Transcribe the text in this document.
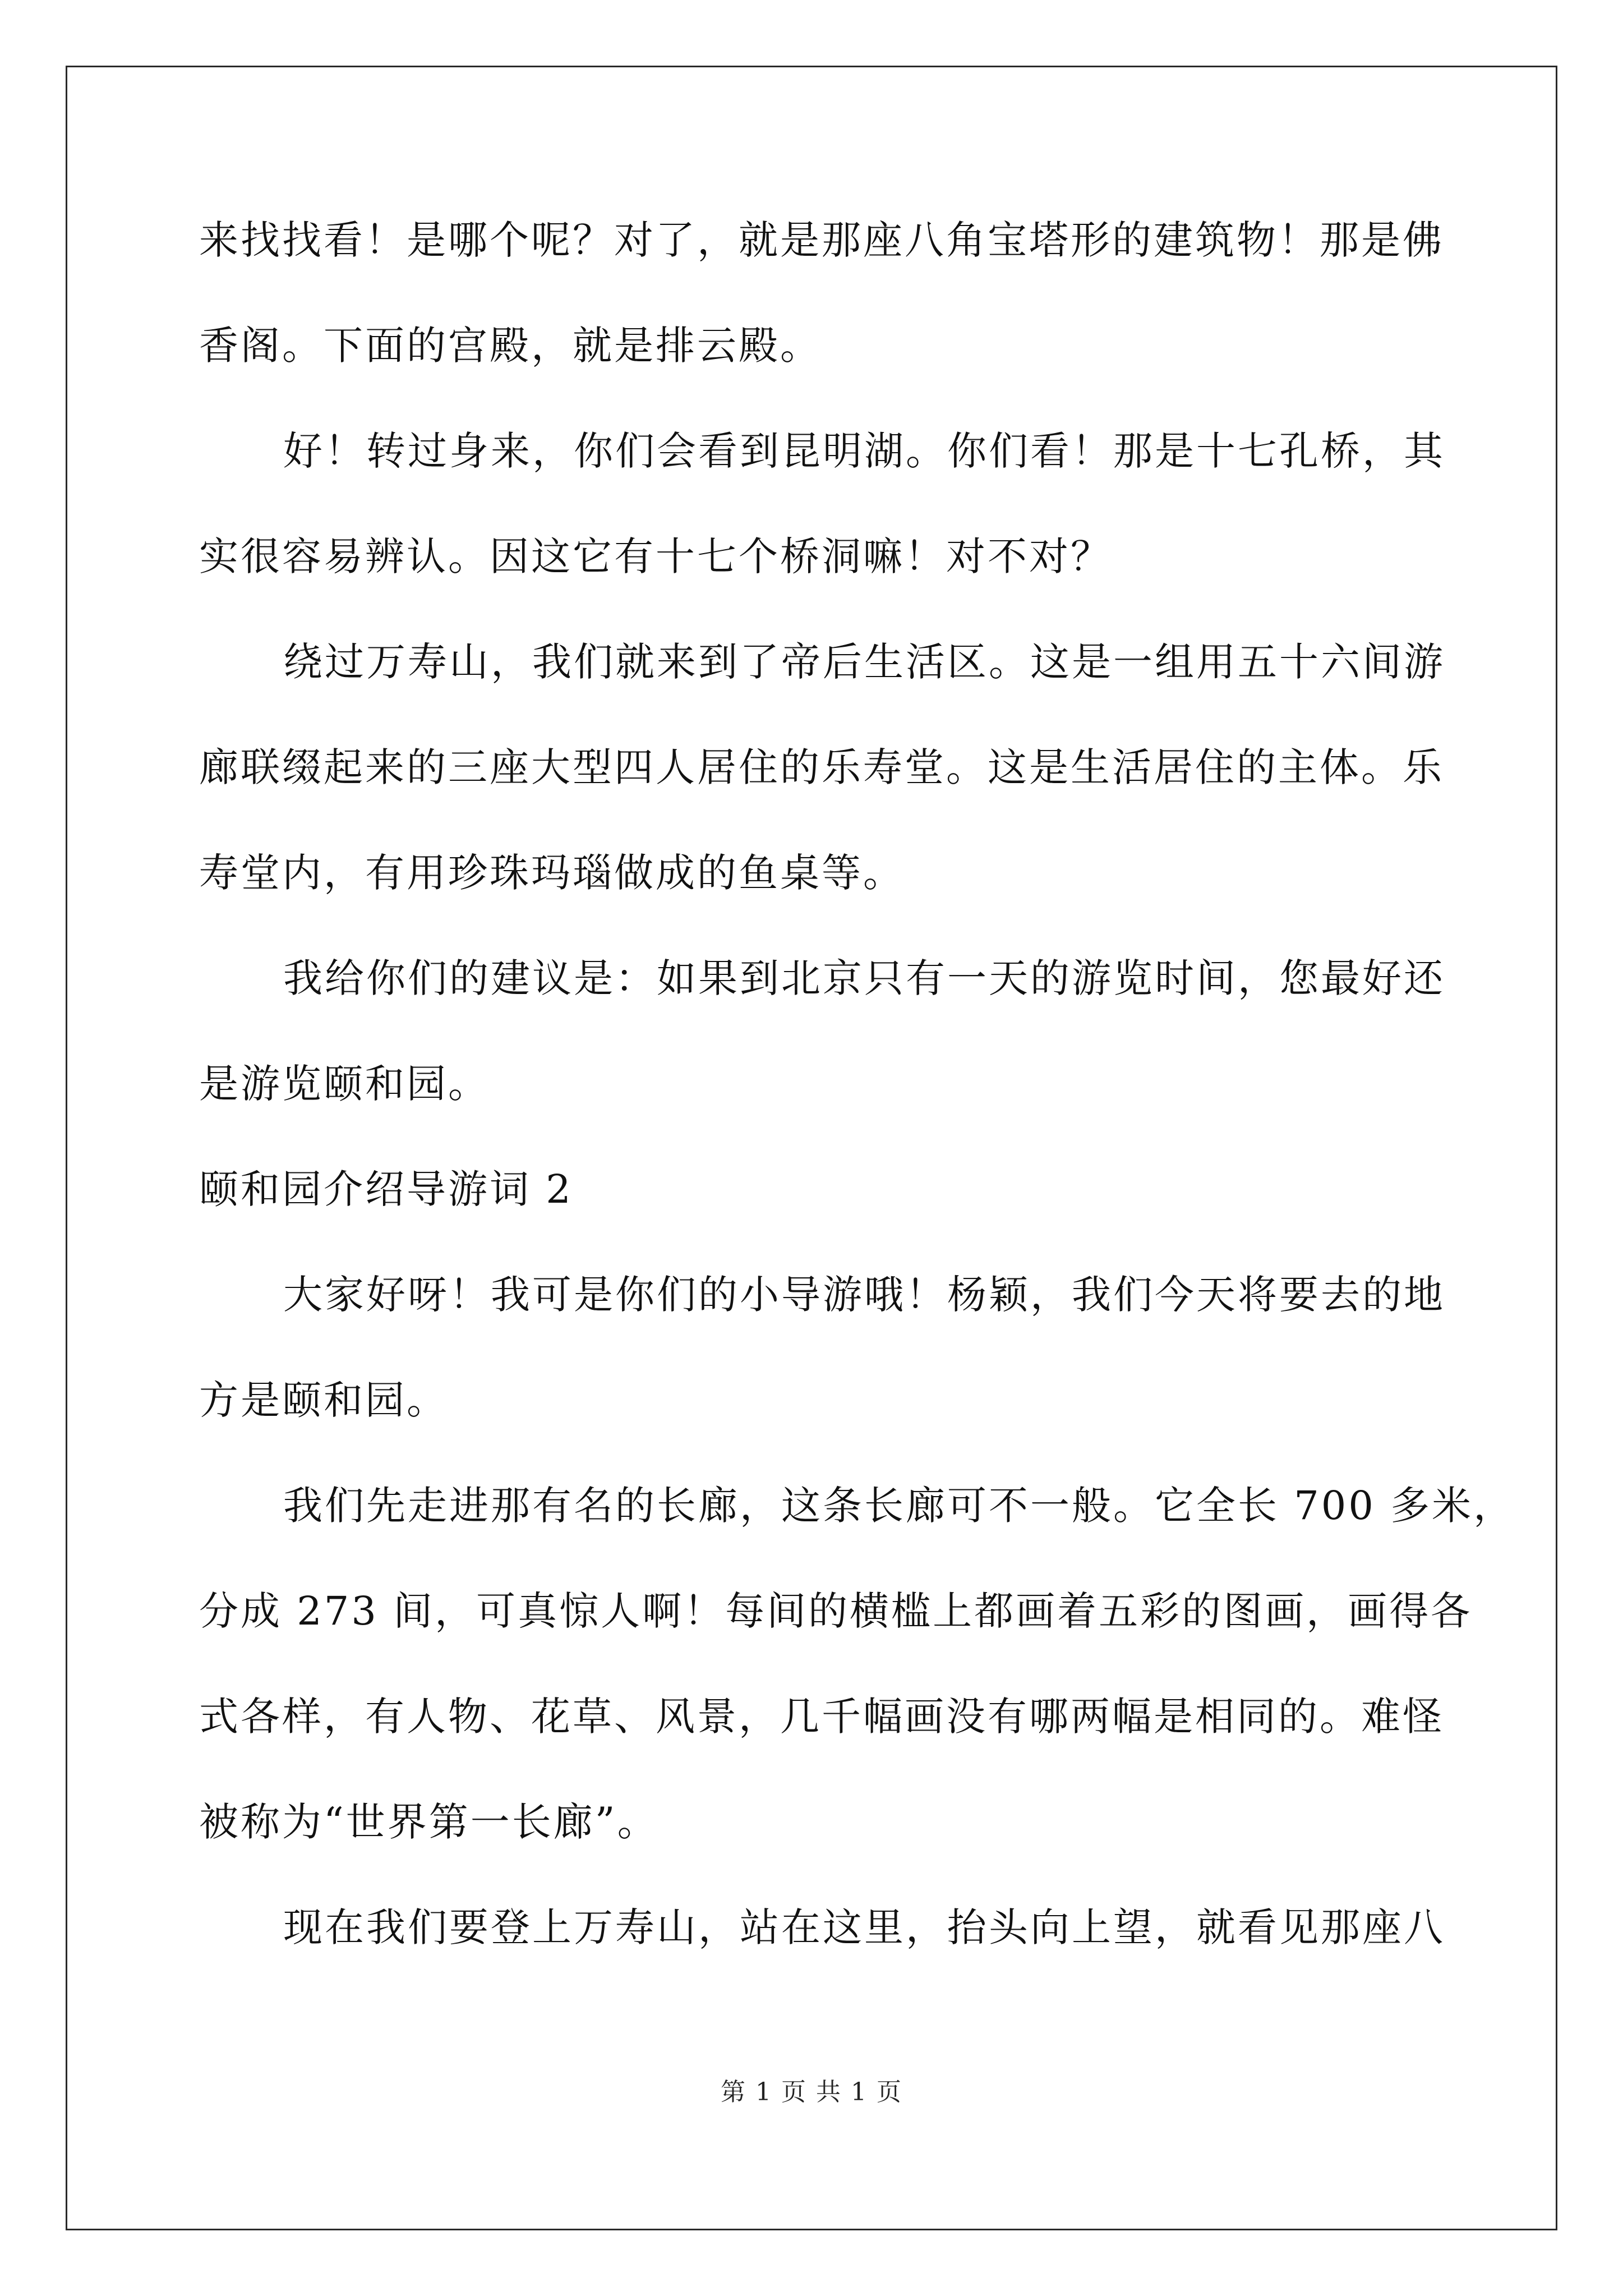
来找找看！是哪个呢？对了，就是那座八角宝塔形的建筑物！那是佛
香阁。下面的宫殿，就是排云殿。
好！转过身来，你们会看到昆明湖。你们看！那是十七孔桥，其
实很容易辨认。因这它有十七个桥洞嘛！对不对？
绕过万寿山，我们就来到了帝后生活区。这是一组用五十六间游
廊联缀起来的三座大型四人居住的乐寿堂。这是生活居住的主体。乐
寿堂内，有用珍珠玛瑙做成的鱼桌等。
我给你们的建议是：如果到北京只有一天的游览时间，您最好还
是游览颐和园。
颐和园介绍导游词 2
大家好呀！我可是你们的小导游哦！杨颖，我们今天将要去的地
方是颐和园。
我们先走进那有名的长廊，这条长廊可不一般。它全长 700 多米，
分成 273 间，可真惊人啊！每间的横槛上都画着五彩的图画，画得各
式各样，有人物、花草、风景，几千幅画没有哪两幅是相同的。难怪
被称为“世界第一长廊”。
现在我们要登上万寿山，站在这里，抬头向上望，就看见那座八
第 1 页 共 1 页
